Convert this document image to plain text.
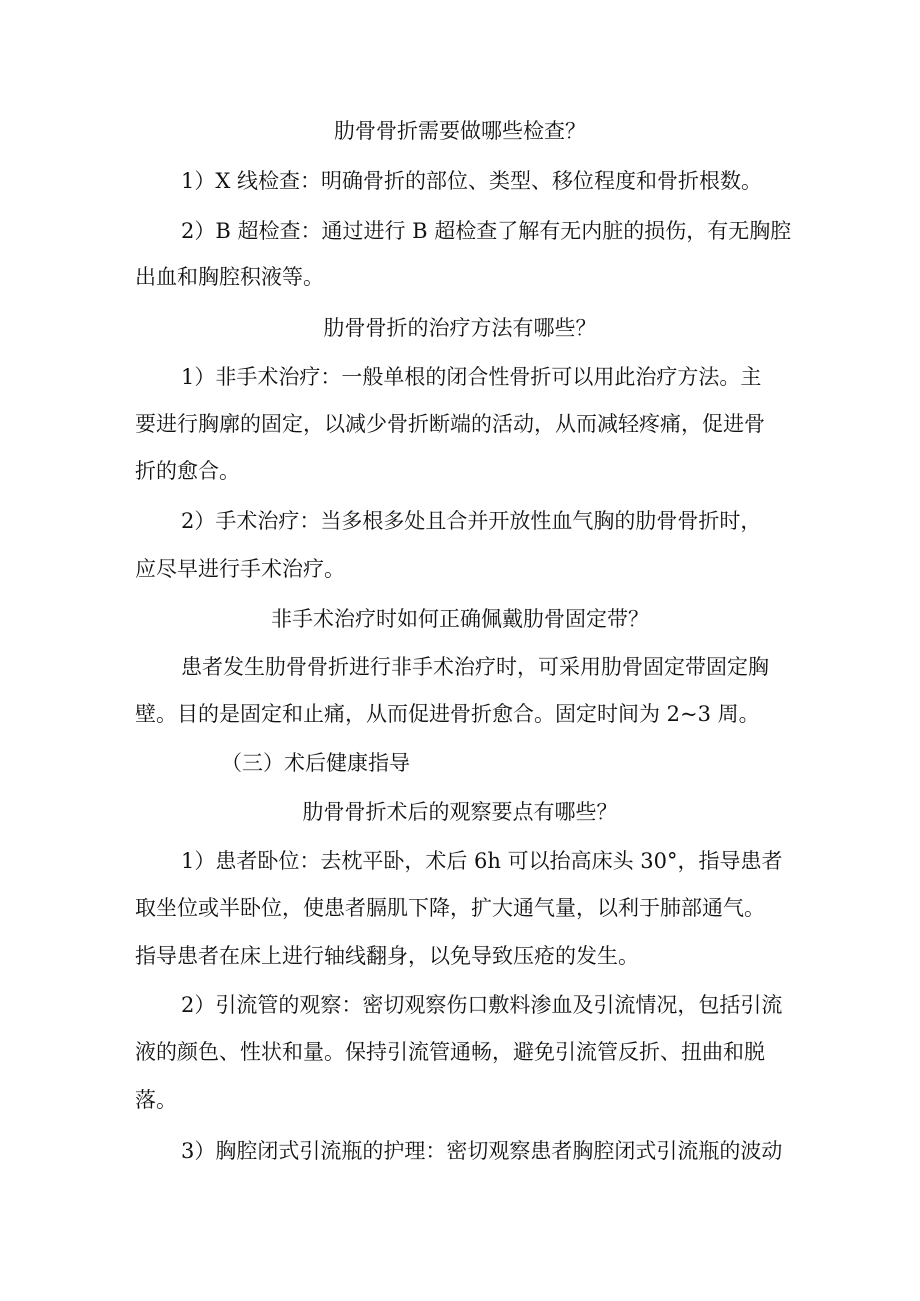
肋骨骨折需要做哪些检查？
1）X 线检查：明确骨折的部位、类型、移位程度和骨折根数。
2）B 超检查：通过进行 B 超检查了解有无内脏的损伤，有无胸腔
出血和胸腔积液等。
肋骨骨折的治疗方法有哪些？
1）非手术治疗：一般单根的闭合性骨折可以用此治疗方法。主
要进行胸廓的固定，以减少骨折断端的活动，从而减轻疼痛，促进骨
折的愈合。
2）手术治疗：当多根多处且合并开放性血气胸的肋骨骨折时，
应尽早进行手术治疗。
非手术治疗时如何正确佩戴肋骨固定带？
患者发生肋骨骨折进行非手术治疗时，可采用肋骨固定带固定胸
壁。目的是固定和止痛，从而促进骨折愈合。固定时间为 2~3 周。
（三）术后健康指导
肋骨骨折术后的观察要点有哪些？
1）患者卧位：去枕平卧，术后 6h 可以抬高床头 30°，指导患者
取坐位或半卧位，使患者膈肌下降，扩大通气量，以利于肺部通气。
指导患者在床上进行轴线翻身，以免导致压疮的发生。
2）引流管的观察：密切观察伤口敷料渗血及引流情况，包括引流
液的颜色、性状和量。保持引流管通畅，避免引流管反折、扭曲和脱
落。
3）胸腔闭式引流瓶的护理：密切观察患者胸腔闭式引流瓶的波动
